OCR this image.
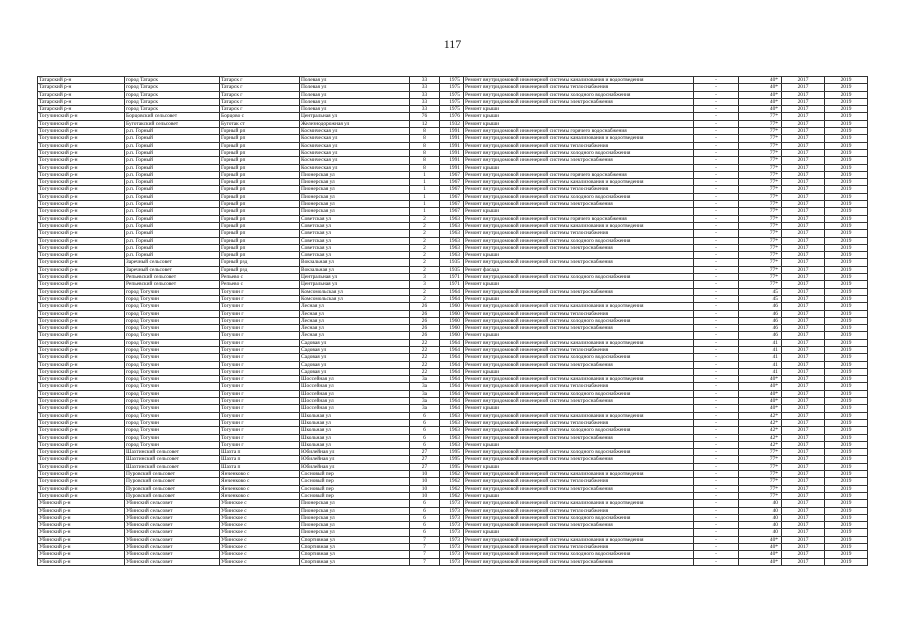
117
Татарский р-н	город Татарск	Татарск г	Полевая ул	33	1975	Ремонт внутридомовой инженерной системы канализования и водоотведения	-	40*	2017	2019
Татарский р-н	город Татарск	Татарск г	Полевая ул	33	1975	Ремонт внутридомовой инженерной системы теплоснабжения	-	40*	2017	2019
Татарский р-н	город Татарск	Татарск г	Полевая ул	33	1975	Ремонт внутридомовой инженерной системы холодного водоснабжения	-	40*	2017	2019
Татарский р-н	город Татарск	Татарск г	Полевая ул	33	1975	Ремонт внутридомовой инженерной системы электроснабжения	-	40*	2017	2019
Татарский р-н	город Татарск	Татарск г	Полевая ул	33	1975	Ремонт крыши	-	40*	2017	2019
Тогучинский р-н	Борцовский сельсовет	Борцово с	Центральная ул	76	1976	Ремонт крыши	-	77*	2017	2019
Тогучинский р-н	Буготакский сельсовет	Буготак ст	Железнодорожная ул	12	1932	Ремонт крыши	-	77*	2017	2019
Тогучинский р-н	р.п. Горный	Горный рп	Космическая ул	8	1991	Ремонт внутридомовой инженерной системы горячего водоснабжения	-	77*	2017	2019
Тогучинский р-н	р.п. Горный	Горный рп	Космическая ул	8	1991	Ремонт внутридомовой инженерной системы канализования и водоотведения	-	77*	2017	2019
Тогучинский р-н	р.п. Горный	Горный рп	Космическая ул	8	1991	Ремонт внутридомовой инженерной системы теплоснабжения	-	77*	2017	2019
Тогучинский р-н	р.п. Горный	Горный рп	Космическая ул	8	1991	Ремонт внутридомовой инженерной системы холодного водоснабжения	-	77*	2017	2019
Тогучинский р-н	р.п. Горный	Горный рп	Космическая ул	8	1991	Ремонт внутридомовой инженерной системы электроснабжения	-	77*	2017	2019
Тогучинский р-н	р.п. Горный	Горный рп	Космическая ул	8	1991	Ремонт крыши	-	77*	2017	2019
Тогучинский р-н	р.п. Горный	Горный рп	Пионерская ул	1	1967	Ремонт внутридомовой инженерной системы горячего водоснабжения	-	77*	2017	2019
Тогучинский р-н	р.п. Горный	Горный рп	Пионерская ул	1	1967	Ремонт внутридомовой инженерной системы канализования и водоотведения	-	77*	2017	2019
Тогучинский р-н	р.п. Горный	Горный рп	Пионерская ул	1	1967	Ремонт внутридомовой инженерной системы теплоснабжения	-	77*	2017	2019
Тогучинский р-н	р.п. Горный	Горный рп	Пионерская ул	1	1967	Ремонт внутридомовой инженерной системы холодного водоснабжения	-	77*	2017	2019
Тогучинский р-н	р.п. Горный	Горный рп	Пионерская ул	1	1967	Ремонт внутридомовой инженерной системы электроснабжения	-	77*	2017	2019
Тогучинский р-н	р.п. Горный	Горный рп	Пионерская ул	1	1967	Ремонт крыши	-	77*	2017	2019
Тогучинский р-н	р.п. Горный	Горный рп	Советская ул	2	1963	Ремонт внутридомовой инженерной системы горячего водоснабжения	-	77*	2017	2019
Тогучинский р-н	р.п. Горный	Горный рп	Советская ул	2	1963	Ремонт внутридомовой инженерной системы канализования и водоотведения	-	77*	2017	2019
Тогучинский р-н	р.п. Горный	Горный рп	Советская ул	2	1963	Ремонт внутридомовой инженерной системы теплоснабжения	-	77*	2017	2019
Тогучинский р-н	р.п. Горный	Горный рп	Советская ул	2	1963	Ремонт внутридомовой инженерной системы холодного водоснабжения	-	77*	2017	2019
Тогучинский р-н	р.п. Горный	Горный рп	Советская ул	2	1963	Ремонт внутридомовой инженерной системы электроснабжения	-	77*	2017	2019
Тогучинский р-н	р.п. Горный	Горный рп	Советская ул	2	1963	Ремонт крыши	-	77*	2017	2019
Тогучинский р-н	Заречный сельсовет	Горный рзд	Вокзальная ул	2	1935	Ремонт внутридомовой инженерной системы электроснабжения	-	77*	2017	2019
Тогучинский р-н	Заречный сельсовет	Горный рзд	Вокзальная ул	2	1935	Ремонт фасада	-	77*	2017	2019
Тогучинский р-н	Репьевский сельсовет	Репьево с	Центральная ул	3	1971	Ремонт внутридомовой инженерной системы холодного водоснабжения	-	77*	2017	2019
Тогучинский р-н	Репьевский сельсовет	Репьево с	Центральная ул	3	1971	Ремонт крыши	-	77*	2017	2019
Тогучинский р-н	город Тогучин	Тогучин г	Комсомольская ул	2	1964	Ремонт внутридомовой инженерной системы электроснабжения	-	45	2017	2019
Тогучинский р-н	город Тогучин	Тогучин г	Комсомольская ул	2	1964	Ремонт крыши	-	45	2017	2019
Тогучинский р-н	город Тогучин	Тогучин г	Лесная ул	26	1960	Ремонт внутридомовой инженерной системы канализования и водоотведения	-	46	2017	2019
Тогучинский р-н	город Тогучин	Тогучин г	Лесная ул	26	1960	Ремонт внутридомовой инженерной системы теплоснабжения	-	46	2017	2019
Тогучинский р-н	город Тогучин	Тогучин г	Лесная ул	26	1960	Ремонт внутридомовой инженерной системы холодного водоснабжения	-	46	2017	2019
Тогучинский р-н	город Тогучин	Тогучин г	Лесная ул	26	1960	Ремонт внутридомовой инженерной системы электроснабжения	-	46	2017	2019
Тогучинский р-н	город Тогучин	Тогучин г	Лесная ул	26	1960	Ремонт крыши	-	46	2017	2019
Тогучинский р-н	город Тогучин	Тогучин г	Садовая ул	22	1964	Ремонт внутридомовой инженерной системы канализования и водоотведения	-	41	2017	2019
Тогучинский р-н	город Тогучин	Тогучин г	Садовая ул	22	1964	Ремонт внутридомовой инженерной системы теплоснабжения	-	41	2017	2019
Тогучинский р-н	город Тогучин	Тогучин г	Садовая ул	22	1964	Ремонт внутридомовой инженерной системы холодного водоснабжения	-	41	2017	2019
Тогучинский р-н	город Тогучин	Тогучин г	Садовая ул	22	1964	Ремонт внутридомовой инженерной системы электроснабжения	-	41	2017	2019
Тогучинский р-н	город Тогучин	Тогучин г	Садовая ул	22	1964	Ремонт крыши	-	41	2017	2019
Тогучинский р-н	город Тогучин	Тогучин г	Шоссейная ул	3а	1964	Ремонт внутридомовой инженерной системы канализования и водоотведения	-	40*	2017	2019
Тогучинский р-н	город Тогучин	Тогучин г	Шоссейная ул	3а	1964	Ремонт внутридомовой инженерной системы теплоснабжения	-	40*	2017	2019
Тогучинский р-н	город Тогучин	Тогучин г	Шоссейная ул	3а	1964	Ремонт внутридомовой инженерной системы холодного водоснабжения	-	40*	2017	2019
Тогучинский р-н	город Тогучин	Тогучин г	Шоссейная ул	3а	1964	Ремонт внутридомовой инженерной системы электроснабжения	-	40*	2017	2019
Тогучинский р-н	город Тогучин	Тогучин г	Шоссейная ул	3а	1964	Ремонт крыши	-	40*	2017	2019
Тогучинский р-н	город Тогучин	Тогучин г	Школьная ул	6	1963	Ремонт внутридомовой инженерной системы канализования и водоотведения	-	42*	2017	2019
Тогучинский р-н	город Тогучин	Тогучин г	Школьная ул	6	1963	Ремонт внутридомовой инженерной системы теплоснабжения	-	42*	2017	2019
Тогучинский р-н	город Тогучин	Тогучин г	Школьная ул	6	1963	Ремонт внутридомовой инженерной системы холодного водоснабжения	-	42*	2017	2019
Тогучинский р-н	город Тогучин	Тогучин г	Школьная ул	6	1963	Ремонт внутридомовой инженерной системы электроснабжения	-	42*	2017	2019
Тогучинский р-н	город Тогучин	Тогучин г	Школьная ул	6	1963	Ремонт крыши	-	42*	2017	2019
Тогучинский р-н	Шахтинский сельсовет	Шахта п	Юбилейная ул	27	1995	Ремонт внутридомовой инженерной системы холодного водоснабжения	-	77*	2017	2019
Тогучинский р-н	Шахтинский сельсовет	Шахта п	Юбилейная ул	27	1995	Ремонт внутридомовой инженерной системы электроснабжения	-	77*	2017	2019
Тогучинский р-н	Шахтинский сельсовет	Шахта п	Юбилейная ул	27	1995	Ремонт крыши	-	77*	2017	2019
Тогучинский р-н	Пуровский сельсовет	Янченково с	Сосновый пер	10	1962	Ремонт внутридомовой инженерной системы канализования и водоотведения	-	77*	2017	2019
Тогучинский р-н	Пуровский сельсовет	Янченково с	Сосновый пер	10	1962	Ремонт внутридомовой инженерной системы теплоснабжения	-	77*	2017	2019
Тогучинский р-н	Пуровский сельсовет	Янченково с	Сосновый пер	10	1962	Ремонт внутридомовой инженерной системы электроснабжения	-	77*	2017	2019
Тогучинский р-н	Пуровский сельсовет	Янченково с	Сосновый пер	10	1962	Ремонт крыши	-	77*	2017	2019
Убинский р-н	Убинский сельсовет	Убинское с	Пионерская ул	6	1973	Ремонт внутридомовой инженерной системы канализования и водоотведения	-	40	2017	2019
Убинский р-н	Убинский сельсовет	Убинское с	Пионерская ул	6	1973	Ремонт внутридомовой инженерной системы теплоснабжения	-	40	2017	2019
Убинский р-н	Убинский сельсовет	Убинское с	Пионерская ул	6	1973	Ремонт внутридомовой инженерной системы холодного водоснабжения	-	40	2017	2019
Убинский р-н	Убинский сельсовет	Убинское с	Пионерская ул	6	1973	Ремонт внутридомовой инженерной системы электроснабжения	-	40	2017	2019
Убинский р-н	Убинский сельсовет	Убинское с	Пионерская ул	6	1973	Ремонт крыши	-	40	2017	2019
Убинский р-н	Убинский сельсовет	Убинское с	Спортивная ул	7	1973	Ремонт внутридомовой инженерной системы канализования и водоотведения	-	40*	2017	2019
Убинский р-н	Убинский сельсовет	Убинское с	Спортивная ул	7	1973	Ремонт внутридомовой инженерной системы теплоснабжения	-	40*	2017	2019
Убинский р-н	Убинский сельсовет	Убинское с	Спортивная ул	7	1973	Ремонт внутридомовой инженерной системы холодного водоснабжения	-	40*	2017	2019
Убинский р-н	Убинский сельсовет	Убинское с	Спортивная ул	7	1973	Ремонт внутридомовой инженерной системы электроснабжения	-	40*	2017	2019
